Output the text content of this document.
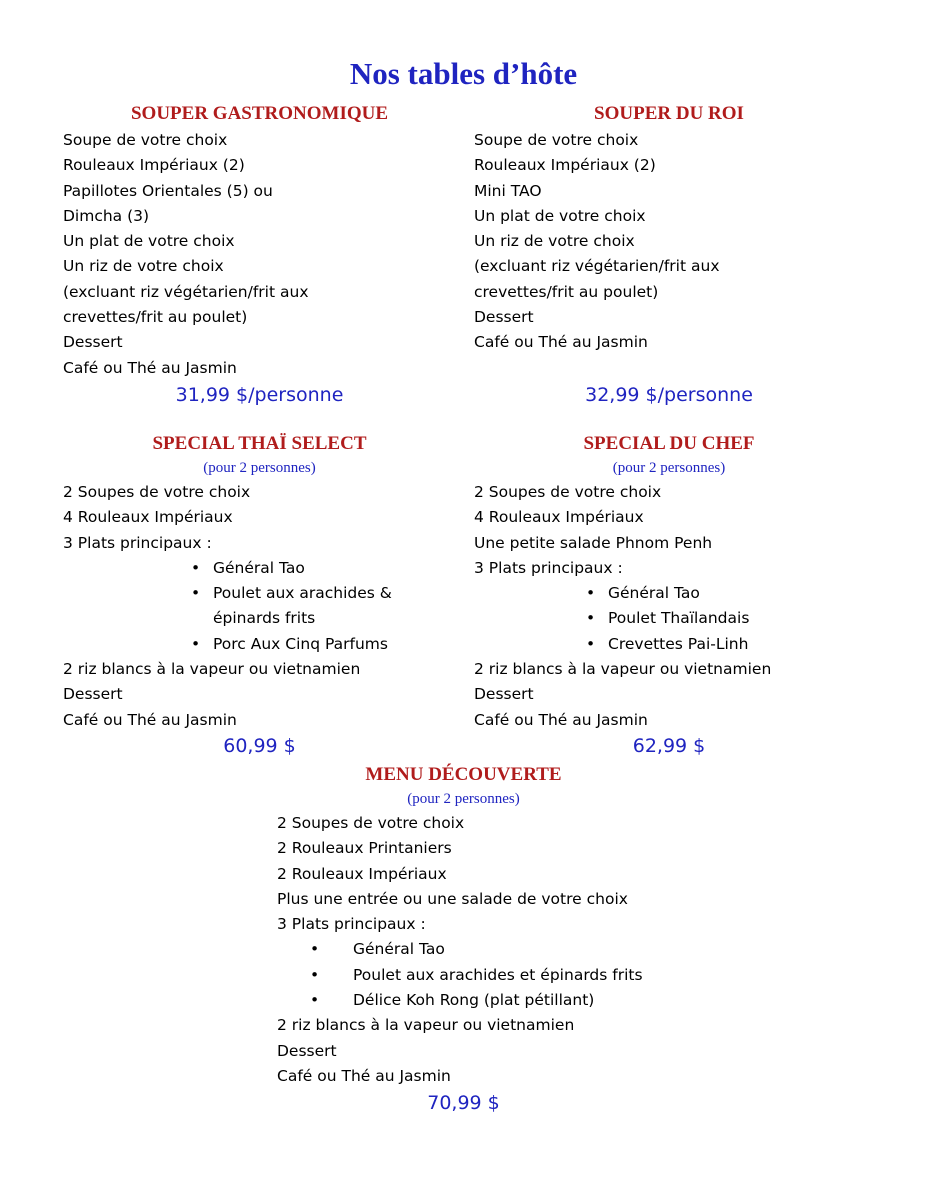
Nos tables d’hôte
SOUPER GASTRONOMIQUE
Soupe de votre choix
Rouleaux Impériaux (2)
Papillotes Orientales (5) ou
Dimcha (3)
Un plat de votre choix
Un riz de votre choix
(excluant riz végétarien/frit aux
crevettes/frit au poulet)
Dessert
Café ou Thé au Jasmin
31,99 $/personne
SOUPER DU ROI
Soupe de votre choix
Rouleaux Impériaux (2)
Mini TAO
Un plat de votre choix
Un riz de votre choix
(excluant riz végétarien/frit aux
crevettes/frit au poulet)
Dessert
Café ou Thé au Jasmin
32,99 $/personne
SPECIAL THAÏ SELECT
(pour 2 personnes)
2 Soupes de votre choix
4 Rouleaux Impériaux
3 Plats principaux :
• Général Tao
• Poulet aux arachides &
épinards frits
• Porc Aux Cinq Parfums
2 riz blancs à la vapeur ou vietnamien
Dessert
Café ou Thé au Jasmin
60,99 $
SPECIAL DU CHEF
(pour 2 personnes)
2 Soupes de votre choix
4 Rouleaux Impériaux
Une petite salade Phnom Penh
3 Plats principaux :
• Général Tao
• Poulet Thaïlandais
• Crevettes Pai-Linh
2 riz blancs à la vapeur ou vietnamien
Dessert
Café ou Thé au Jasmin
62,99 $
MENU DÉCOUVERTE
(pour 2 personnes)
2 Soupes de votre choix
2 Rouleaux Printaniers
2 Rouleaux Impériaux
Plus une entrée ou une salade de votre choix
3 Plats principaux :
• Général Tao
• Poulet aux arachides et épinards frits
• Délice Koh Rong (plat pétillant)
2 riz blancs à la vapeur ou vietnamien
Dessert
Café ou Thé au Jasmin
70,99 $
